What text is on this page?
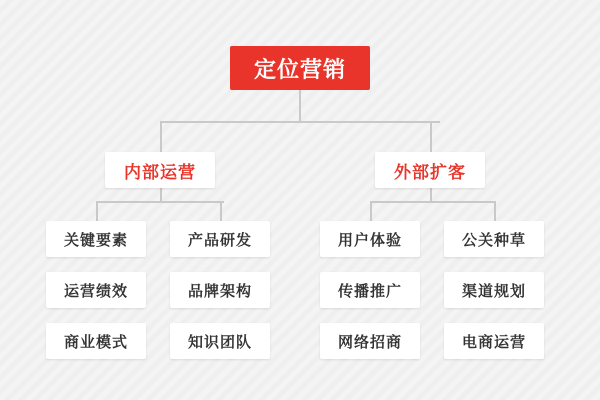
定位营销
内部运营	外部扩客
关键要素	产品研发
运营绩效	品牌架构
商业模式	知识团队
用户体验	公关种草
传播推广	渠道规划
网络招商	电商运营
